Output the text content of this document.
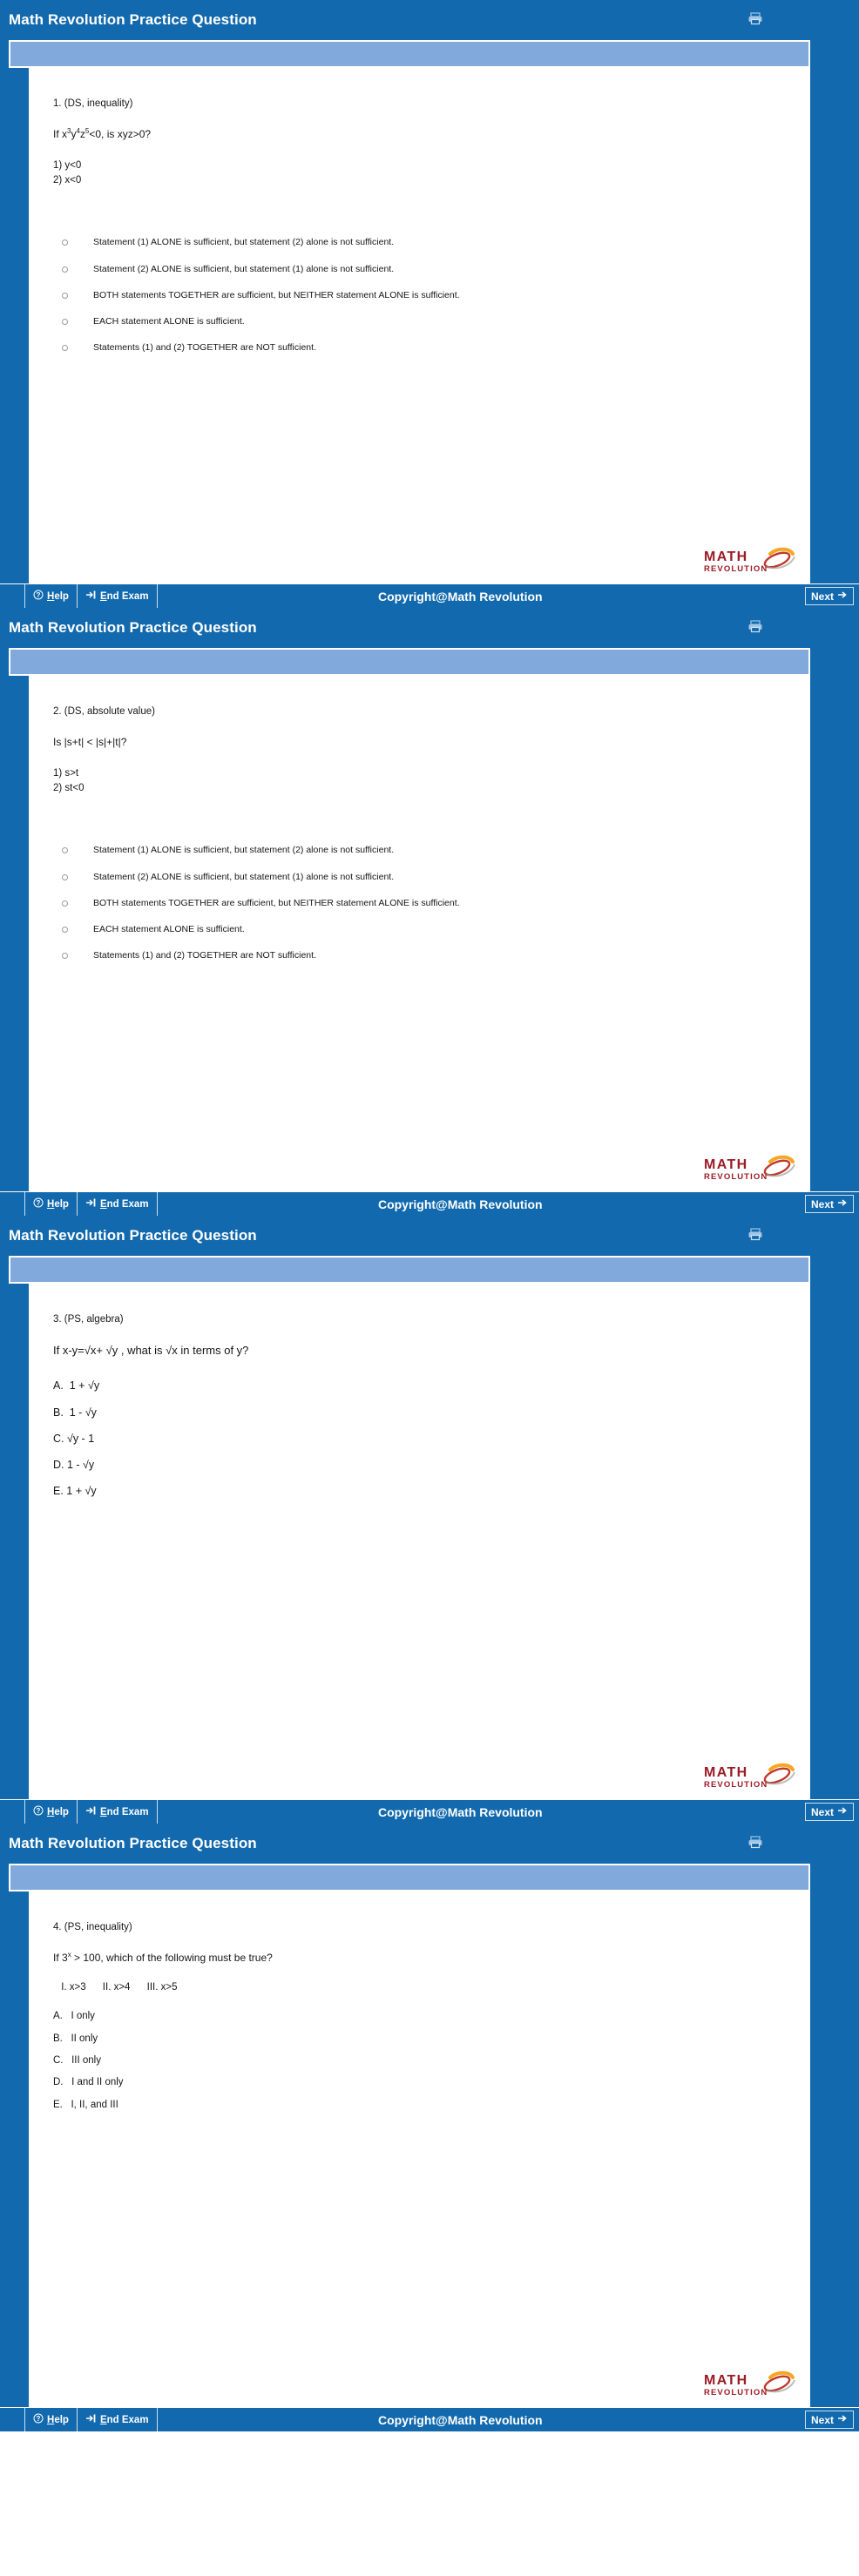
Math Revolution Practice Question
1. (DS, inequality)
If $x^3y^4z^5<0$, is xyz>0?
1) y<0
2) x<0
Statement (1) ALONE is sufficient, but statement (2) alone is not sufficient.
Statement (2) ALONE is sufficient, but statement (1) alone is not sufficient.
BOTH statements TOGETHER are sufficient, but NEITHER statement ALONE is sufficient.
EACH statement ALONE is sufficient.
Statements (1) and (2) TOGETHER are NOT sufficient.
MATH
REVOLUTION
? Help	End Exam	Copyright@Math Revolution	Next
Math Revolution Practice Question
2. (DS, absolute value)
Is |s+t| < |s|+|t|?
1) s>t
2) st<0
Statement (1) ALONE is sufficient, but statement (2) alone is not sufficient.
Statement (2) ALONE is sufficient, but statement (1) alone is not sufficient.
BOTH statements TOGETHER are sufficient, but NEITHER statement ALONE is sufficient.
EACH statement ALONE is sufficient.
Statements (1) and (2) TOGETHER are NOT sufficient.
MATH
REVOLUTION
? Help	End Exam	Copyright@Math Revolution	Next
Math Revolution Practice Question
3. (PS, algebra)
If x-y=√x+ √y , what is √x in terms of y?
A.  1 + √y
B.  1 - √y
C. √y - 1
D. 1 - √y
E. 1 + √y
MATH
REVOLUTION
? Help	End Exam	Copyright@Math Revolution	Next
Math Revolution Practice Question
4. (PS, inequality)
If $3^x > 100$, which of the following must be true?
I. x>3      II. x>4      III. x>5
A.   I only
B.   II only
C.   III only
D.   I and II only
E.   I, II, and III
MATH
REVOLUTION
? Help	End Exam	Copyright@Math Revolution	Next
